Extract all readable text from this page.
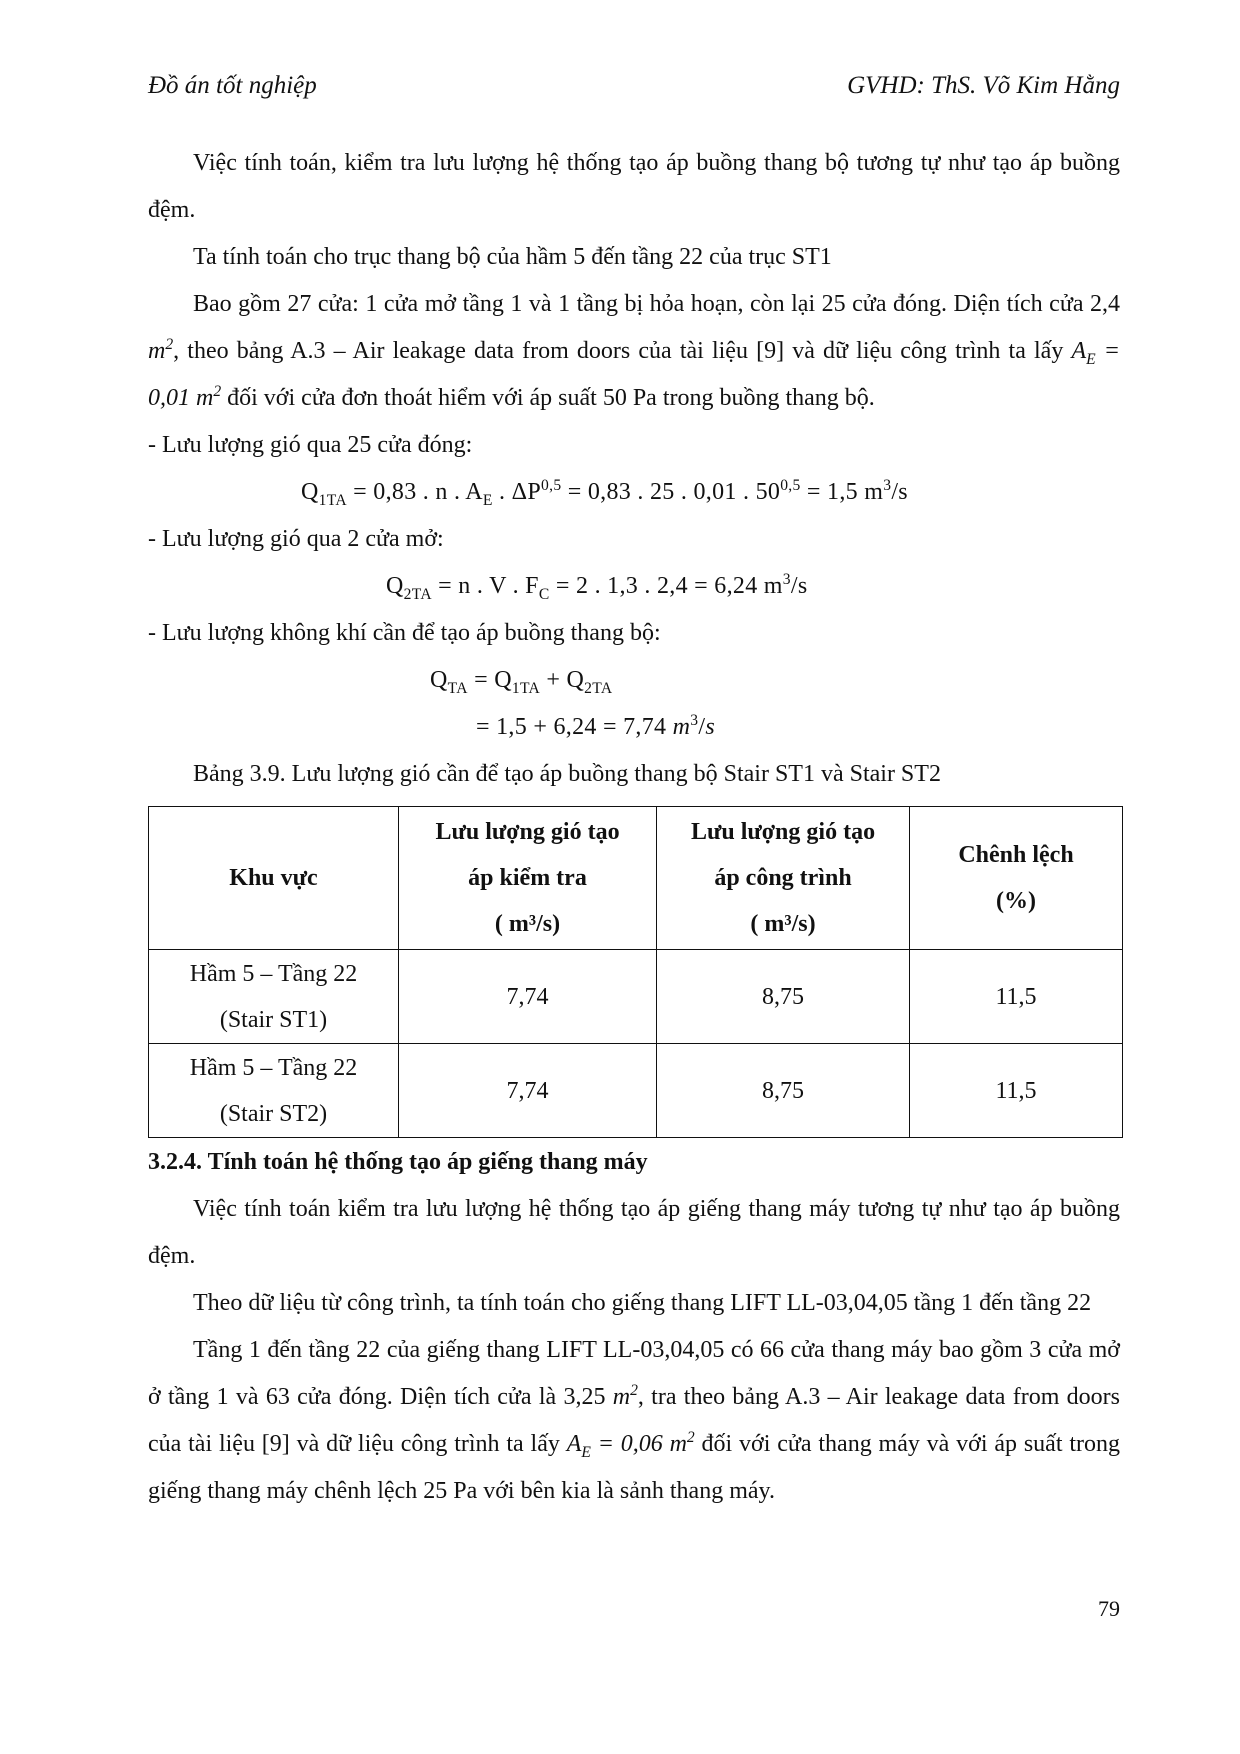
Đồ án tốt nghiệp	GVHD: ThS. Võ Kim Hằng

Việc tính toán, kiểm tra lưu lượng hệ thống tạo áp buồng thang bộ tương tự như tạo áp buồng đệm.

Ta tính toán cho trục thang bộ của hầm 5 đến tầng 22 của trục ST1

Bao gồm 27 cửa: 1 cửa mở tầng 1 và 1 tầng bị hỏa hoạn, còn lại 25 cửa đóng. Diện tích cửa 2,4 $m^2$, theo bảng A.3 – Air leakage data from doors của tài liệu [9] và dữ liệu công trình ta lấy $A_E = 0,01$ $m^2$ đối với cửa đơn thoát hiểm với áp suất 50 Pa trong buồng thang bộ.

- Lưu lượng gió qua 25 cửa đóng:

$Q_{1TA} = 0,83$ . n . $A_E$ . ΔP$^{0,5}$ = 0,83 . 25 . 0,01 . $50^{0,5} = 1,5$ $m^3/s$

- Lưu lượng gió qua 2 cửa mở:

$Q_{2TA} = n$ . V . $F_C = 2$ . 1,3 . 2,4 = 6,24 $m^3/s$

- Lưu lượng không khí cần để tạo áp buồng thang bộ:

$Q_{TA} = Q_{1TA} + Q_{2TA}$
= 1,5 + 6,24 = 7,74 $m^3/s$

Bảng 3.9. Lưu lượng gió cần để tạo áp buồng thang bộ Stair ST1 và Stair ST2

Khu vực	Lưu lượng gió tạo
áp kiểm tra
( m³/s)	Lưu lượng gió tạo
áp công trình
( m³/s)	Chênh lệch
(%)
Hầm 5 – Tầng 22
(Stair ST1)	7,74	8,75	11,5
Hầm 5 – Tầng 22
(Stair ST2)	7,74	8,75	11,5
3.2.4. Tính toán hệ thống tạo áp giếng thang máy

Việc tính toán kiểm tra lưu lượng hệ thống tạo áp giếng thang máy tương tự như tạo áp buồng đệm.

Theo dữ liệu từ công trình, ta tính toán cho giếng thang LIFT LL-03,04,05 tầng 1 đến tầng 22

Tầng 1 đến tầng 22 của giếng thang LIFT LL-03,04,05 có 66 cửa thang máy bao gồm 3 cửa mở ở tầng 1 và 63 cửa đóng. Diện tích cửa là 3,25 $m^2$, tra theo bảng A.3 – Air leakage data from doors của tài liệu [9] và dữ liệu công trình ta lấy $A_E = 0,06$ $m^2$ đối với cửa thang máy và với áp suất trong giếng thang máy chênh lệch 25 Pa với bên kia là sảnh thang máy.

79
